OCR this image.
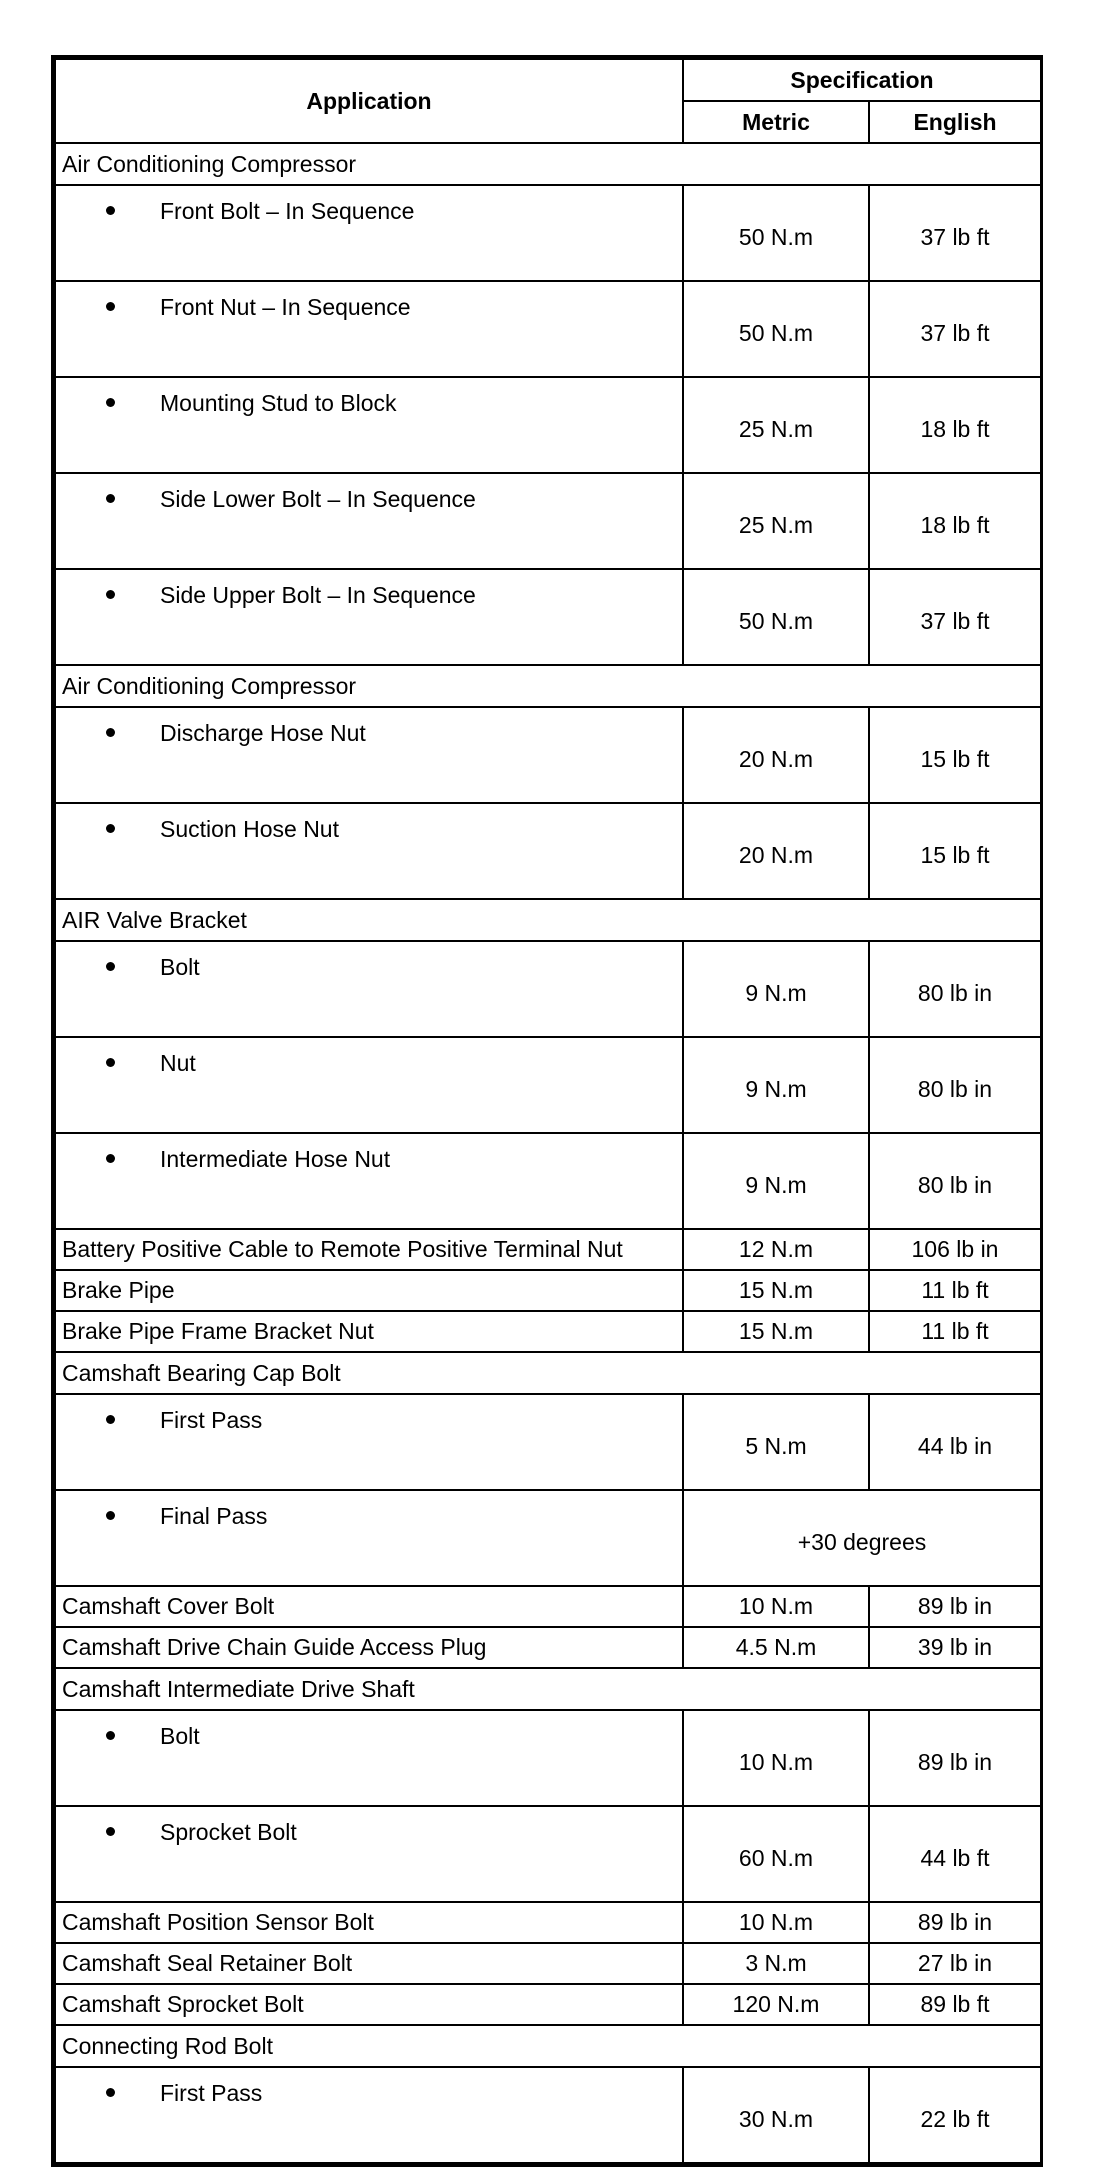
Application	Specification	
	Metric	English
Air Conditioning Compressor		
Front Bolt – In Sequence	50 N.m	37 lb ft
Front Nut – In Sequence	50 N.m	37 lb ft
Mounting Stud to Block	25 N.m	18 lb ft
Side Lower Bolt – In Sequence	25 N.m	18 lb ft
Side Upper Bolt – In Sequence	50 N.m	37 lb ft
Air Conditioning Compressor		
Discharge Hose Nut	20 N.m	15 lb ft
Suction Hose Nut	20 N.m	15 lb ft
AIR Valve Bracket		
Bolt	9 N.m	80 lb in
Nut	9 N.m	80 lb in
Intermediate Hose Nut	9 N.m	80 lb in
Battery Positive Cable to Remote Positive Terminal Nut	12 N.m	106 lb in
Brake Pipe	15 N.m	11 lb ft
Brake Pipe Frame Bracket Nut	15 N.m	11 lb ft
Camshaft Bearing Cap Bolt		
First Pass	5 N.m	44 lb in
Final Pass	+30 degrees	
Camshaft Cover Bolt	10 N.m	89 lb in
Camshaft Drive Chain Guide Access Plug	4.5 N.m	39 lb in
Camshaft Intermediate Drive Shaft		
Bolt	10 N.m	89 lb in
Sprocket Bolt	60 N.m	44 lb ft
Camshaft Position Sensor Bolt	10 N.m	89 lb in
Camshaft Seal Retainer Bolt	3 N.m	27 lb in
Camshaft Sprocket Bolt	120 N.m	89 lb ft
Connecting Rod Bolt		
First Pass	30 N.m	22 lb ft
